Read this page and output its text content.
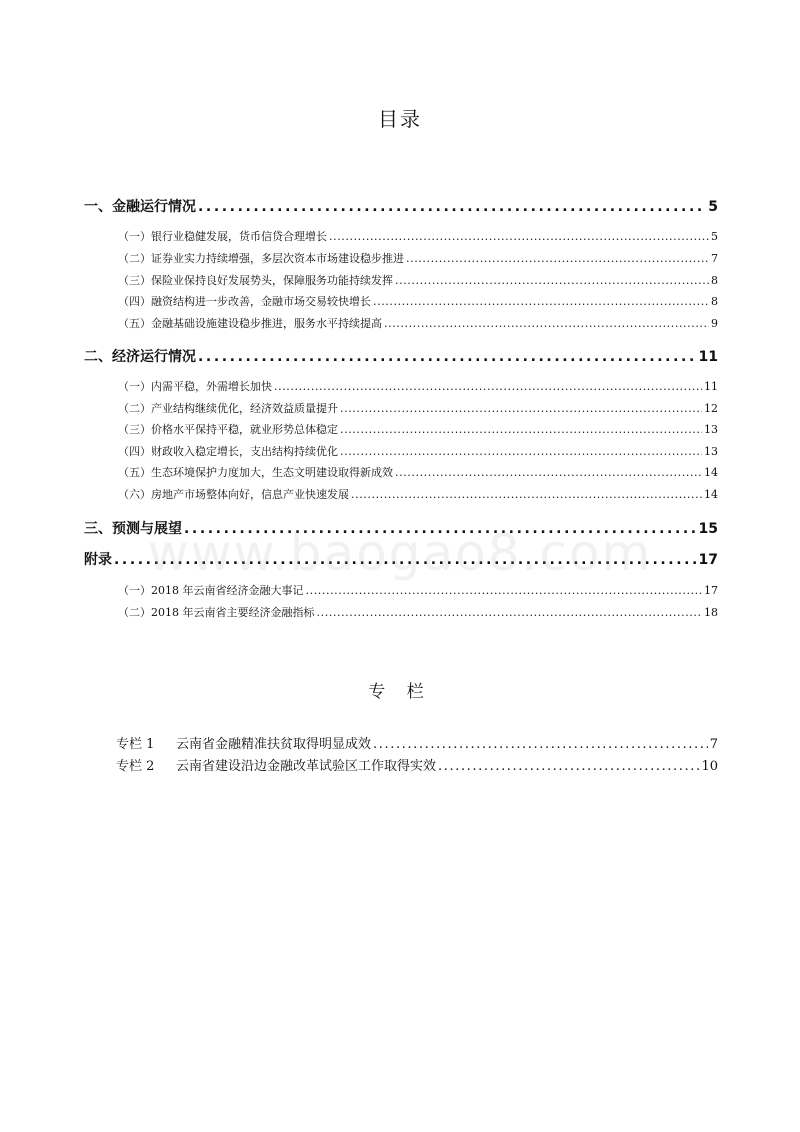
目录
一、金融运行情况 .....	5
（一）银行业稳健发展，货币信贷合理增长 .....	5
（二）证券业实力持续增强，多层次资本市场建设稳步推进 .....	7
（三）保险业保持良好发展势头，保障服务功能持续发挥 .....	8
（四）融资结构进一步改善，金融市场交易较快增长 .....	8
（五）金融基础设施建设稳步推进，服务水平持续提高 .....	9
二、经济运行情况 .....	11
（一）内需平稳，外需增长加快 .....	11
（二）产业结构继续优化，经济效益质量提升 .....	12
（三）价格水平保持平稳，就业形势总体稳定 .....	13
（四）财政收入稳定增长，支出结构持续优化 .....	13
（五）生态环境保护力度加大，生态文明建设取得新成效 .....	14
（六）房地产市场整体向好，信息产业快速发展 .....	14
三、预测与展望 .....	15
附录 .....	17
（一）2018 年云南省经济金融大事记 .....	17
（二）2018 年云南省主要经济金融指标 .....	18
专 栏
专栏 1	云南省金融精准扶贫取得明显成效 .....	7
专栏 2	云南省建设沿边金融改革试验区工作取得实效 .....	10
www.baogao8.com
